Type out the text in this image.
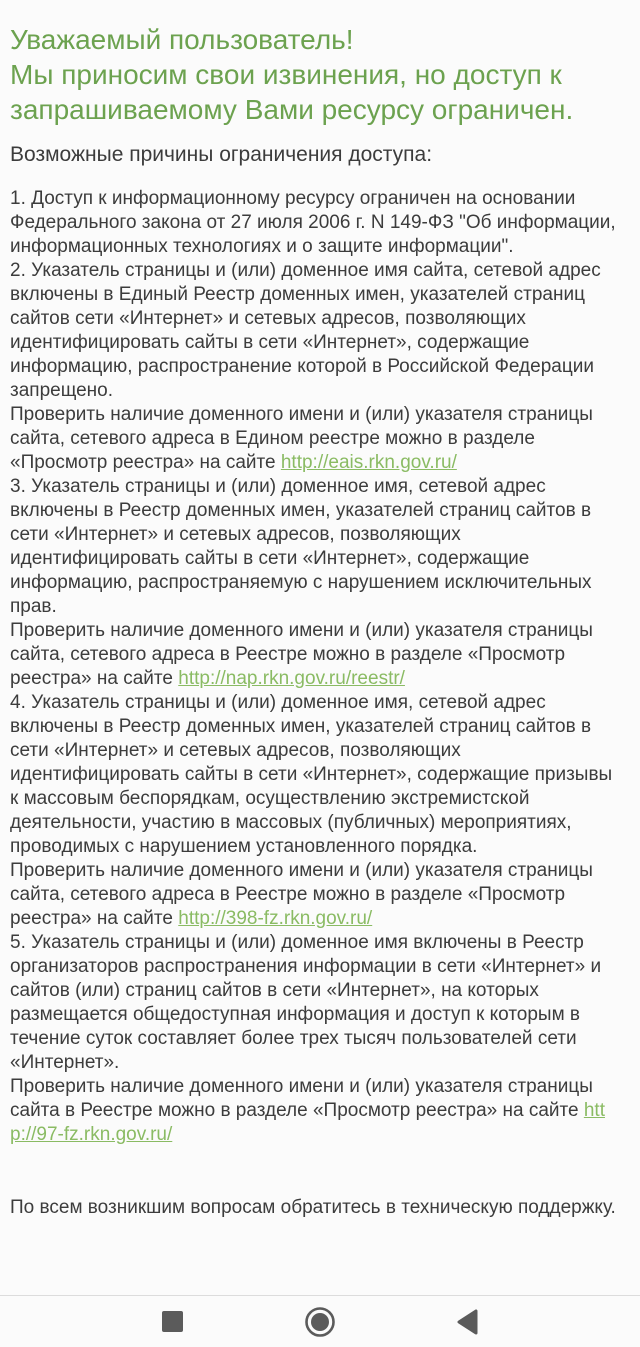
Уважаемый пользователь!
Мы приносим свои извинения, но доступ к запрашиваемому Вами ресурсу ограничен.

Возможные причины ограничения доступа:

1. Доступ к информационному ресурсу ограничен на основании Федерального закона от 27 июля 2006 г. N 149-ФЗ "Об информации, информационных технологиях и о защите информации".
2. Указатель страницы и (или) доменное имя сайта, сетевой адрес включены в Единый Реестр доменных имен, указателей страниц сайтов сети «Интернет» и сетевых адресов, позволяющих идентифицировать сайты в сети «Интернет», содержащие информацию, распространение которой в Российской Федерации запрещено.
Проверить наличие доменного имени и (или) указателя страницы сайта, сетевого адреса в Едином реестре можно в разделе «Просмотр реестра» на сайте http://eais.rkn.gov.ru/
3. Указатель страницы и (или) доменное имя, сетевой адрес включены в Реестр доменных имен, указателей страниц сайтов в сети «Интернет» и сетевых адресов, позволяющих идентифицировать сайты в сети «Интернет», содержащие информацию, распространяемую с нарушением исключительных прав.
Проверить наличие доменного имени и (или) указателя страницы сайта, сетевого адреса в Реестре можно в разделе «Просмотр реестра» на сайте http://nap.rkn.gov.ru/reestr/
4. Указатель страницы и (или) доменное имя, сетевой адрес включены в Реестр доменных имен, указателей страниц сайтов в сети «Интернет» и сетевых адресов, позволяющих идентифицировать сайты в сети «Интернет», содержащие призывы к массовым беспорядкам, осуществлению экстремистской деятельности, участию в массовых (публичных) мероприятиях, проводимых с нарушением установленного порядка.
Проверить наличие доменного имени и (или) указателя страницы сайта, сетевого адреса в Реестре можно в разделе «Просмотр реестра» на сайте http://398-fz.rkn.gov.ru/
5. Указатель страницы и (или) доменное имя включены в Реестр организаторов распространения информации в сети «Интернет» и сайтов (или) страниц сайтов в сети «Интернет», на которых размещается общедоступная информация и доступ к которым в течение суток составляет более трех тысяч пользователей сети «Интернет».
Проверить наличие доменного имени и (или) указателя страницы сайта в Реестре можно в разделе «Просмотр реестра» на сайте http://97-fz.rkn.gov.ru/

По всем возникшим вопросам обратитесь в техническую поддержку.
